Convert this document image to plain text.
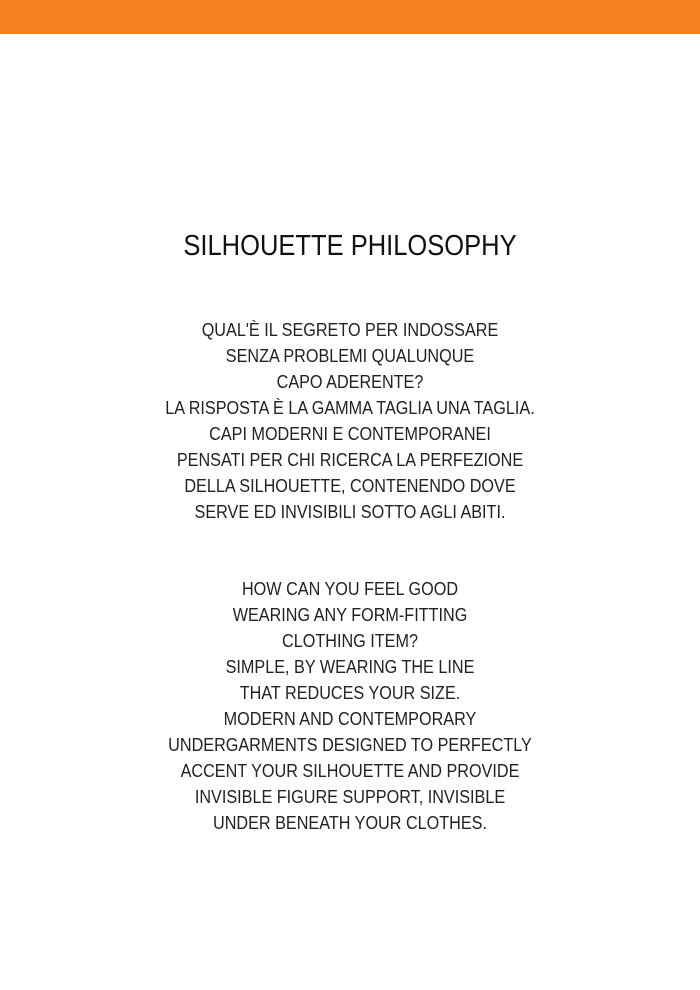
SILHOUETTE PHILOSOPHY
QUAL'È IL SEGRETO PER INDOSSARE
SENZA PROBLEMI QUALUNQUE
CAPO ADERENTE?
LA RISPOSTA È LA GAMMA TAGLIA UNA TAGLIA.
CAPI MODERNI E CONTEMPORANEI
PENSATI PER CHI RICERCA LA PERFEZIONE
DELLA SILHOUETTE, CONTENENDO DOVE
SERVE ED INVISIBILI SOTTO AGLI ABITI.
HOW CAN YOU FEEL GOOD
WEARING ANY FORM-FITTING
CLOTHING ITEM?
SIMPLE, BY WEARING THE LINE
THAT REDUCES YOUR SIZE.
MODERN AND CONTEMPORARY
UNDERGARMENTS DESIGNED TO PERFECTLY
ACCENT YOUR SILHOUETTE AND PROVIDE
INVISIBLE FIGURE SUPPORT, INVISIBLE
UNDER BENEATH YOUR CLOTHES.
